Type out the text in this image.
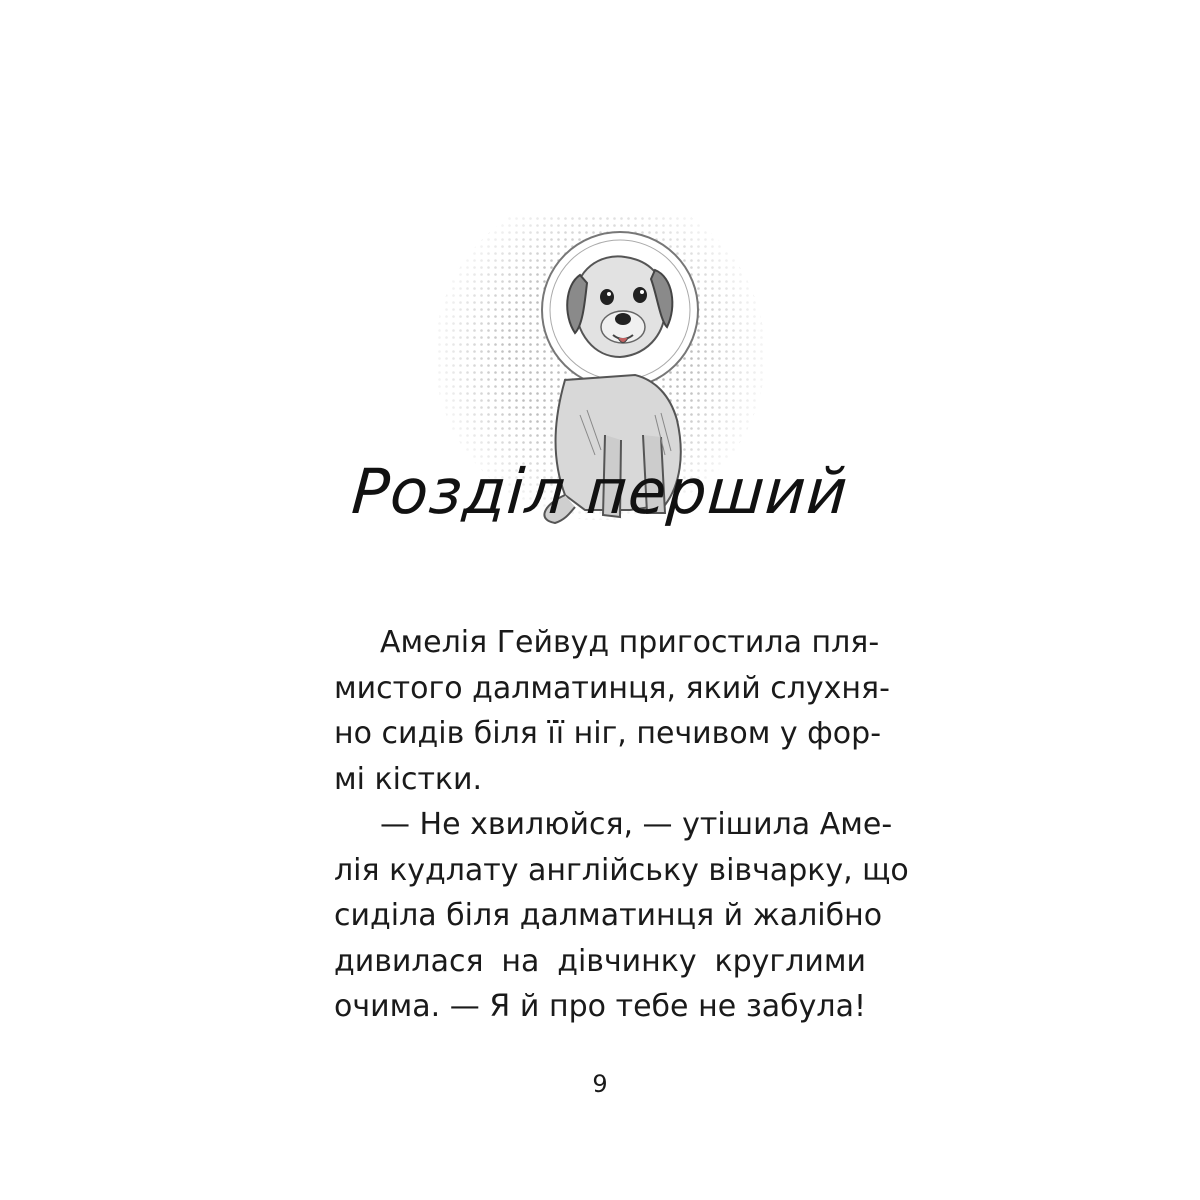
Розділ перший
Амелія Гейвуд пригостила пля-
мистого далматинця, який слухня-
но сидів біля її ніг, печивом у фор-
мі кістки.
— Не хвилюйся, — утішила Аме-
лія кудлату англійську вівчарку, що
сиділа біля далматинця й жалібно
дивилася на дівчинку круглими
очима. — Я й про тебе не забула!
9
